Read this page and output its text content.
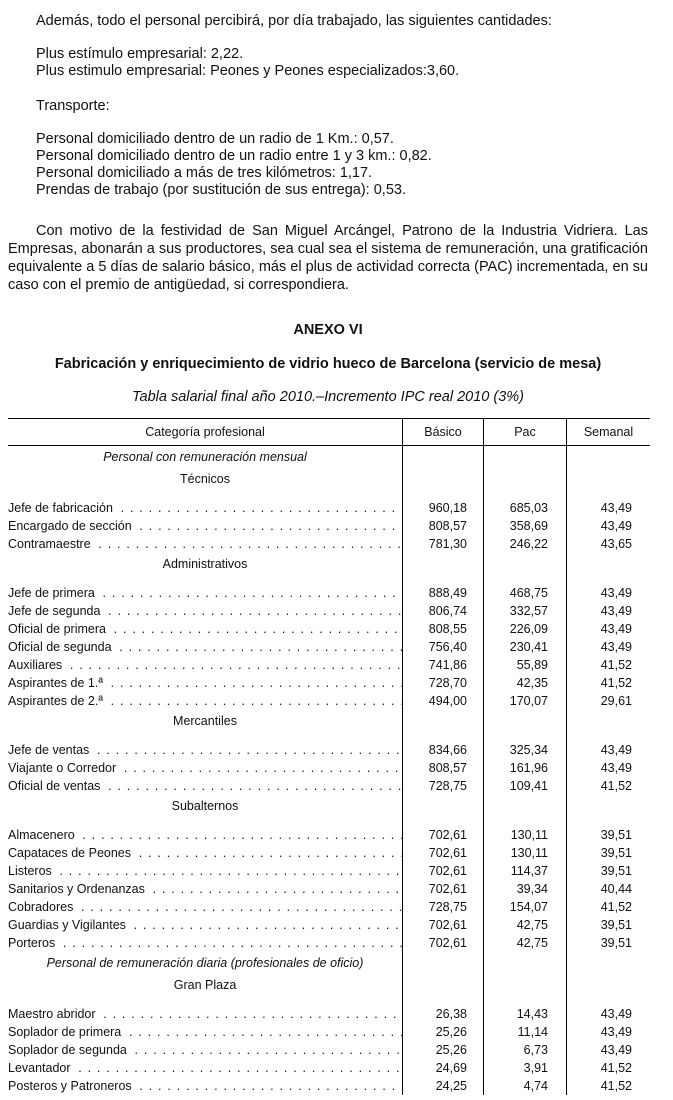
Además, todo el personal percibirá, por día trabajado, las siguientes cantidades:

Plus estímulo empresarial: 2,22.

Plus estimulo empresarial: Peones y Peones especializados:3,60.

Transporte:

Personal domiciliado dentro de un radio de 1 Km.: 0,57.

Personal domiciliado dentro de un radio entre 1 y 3 km.: 0,82.

Personal domiciliado a más de tres kilómetros: 1,17.

Prendas de trabajo (por sustitución de sus entrega): 0,53.

Con motivo de la festividad de San Miguel Arcángel, Patrono de la Industria Vidriera. Las Empresas, abonarán a sus productores, sea cual sea el sistema de remuneración, una gratificación equivalente a 5 días de salario básico, más el plus de actividad correcta (PAC) incrementada, en su caso con el premio de antigüedad, si correspondiera.

ANEXO VI
Fabricación y enriquecimiento de vidrio hueco de Barcelona (servicio de mesa)
Tabla salarial final año 2010.–Incremento IPC real 2010 (3%)
Categoría profesional	Básico	Pac	Semanal
Personal con remuneración mensual			
Técnicos			

Jefe de fabricación . . .	960,18	685,03	43,49

Encargado de sección . . .	808,57	358,69	43,49

Contramaestre . . .	781,30	246,22	43,65
Administrativos			

Jefe de primera . . .	888,49	468,75	43,49

Jefe de segunda . . .	806,74	332,57	43,49

Oficial de primera . . .	808,55	226,09	43,49

Oficial de segunda . . .	756,40	230,41	43,49

Auxiliares . . .	741,86	55,89	41,52

Aspirantes de 1.ª . . .	728,70	42,35	41,52

Aspirantes de 2.ª . . .	494,00	170,07	29,61
Mercantiles			

Jefe de ventas . . .	834,66	325,34	43,49

Viajante o Corredor . . .	808,57	161,96	43,49

Oficial de ventas . . .	728,75	109,41	41,52
Subalternos			

Almacenero . . .	702,61	130,11	39,51

Capataces de Peones . . .	702,61	130,11	39,51

Listeros . . .	702,61	114,37	39,51

Sanitarios y Ordenanzas . . .	702,61	39,34	40,44

Cobradores . . .	728,75	154,07	41,52

Guardias y Vigilantes . . .	702,61	42,75	39,51

Porteros . . .	702,61	42,75	39,51
Personal de remuneración diaria (profesionales de oficio)			
Gran Plaza			

Maestro abridor . . .	26,38	14,43	43,49

Soplador de primera . . .	25,26	11,14	43,49

Soplador de segunda . . .	25,26	6,73	43,49

Levantador . . .	24,69	3,91	41,52

Posteros y Patroneros . . .	24,25	4,74	41,52
